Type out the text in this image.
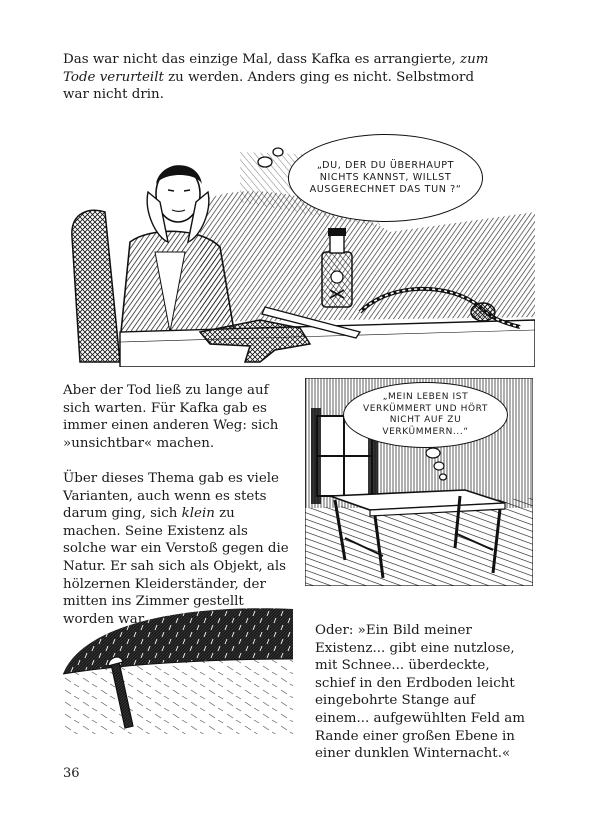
Das war nicht das einzige Mal, dass Kafka es arrangierte, zum Tode verurteilt zu werden. Anders ging es nicht. Selbstmord war nicht drin.

„DU, DER DU ÜBERHAUPT NICHTS KANNST, WILLST AUSGERECHNET DAS TUN ?“

Aber der Tod ließ zu lange auf sich warten. Für Kafka gab es immer einen anderen Weg: sich »unsichtbar« machen.

Über dieses Thema gab es viele Varianten, auch wenn es stets darum ging, sich klein zu machen. Seine Existenz als solche war ein Verstoß gegen die Natur. Er sah sich als Objekt, als hölzernen Kleiderständer, der mitten ins Zimmer gestellt worden war.

„MEIN LEBEN IST VERKÜMMERT UND HÖRT NICHT AUF ZU VERKÜMMERN...“

Oder: »Ein Bild meiner Existenz... gibt eine nutzlose, mit Schnee... überdeckte, schief in den Erdboden leicht eingebohrte Stange auf einem... aufgewühlten Feld am Rande einer großen Ebene in einer dunklen Winternacht.«

36
